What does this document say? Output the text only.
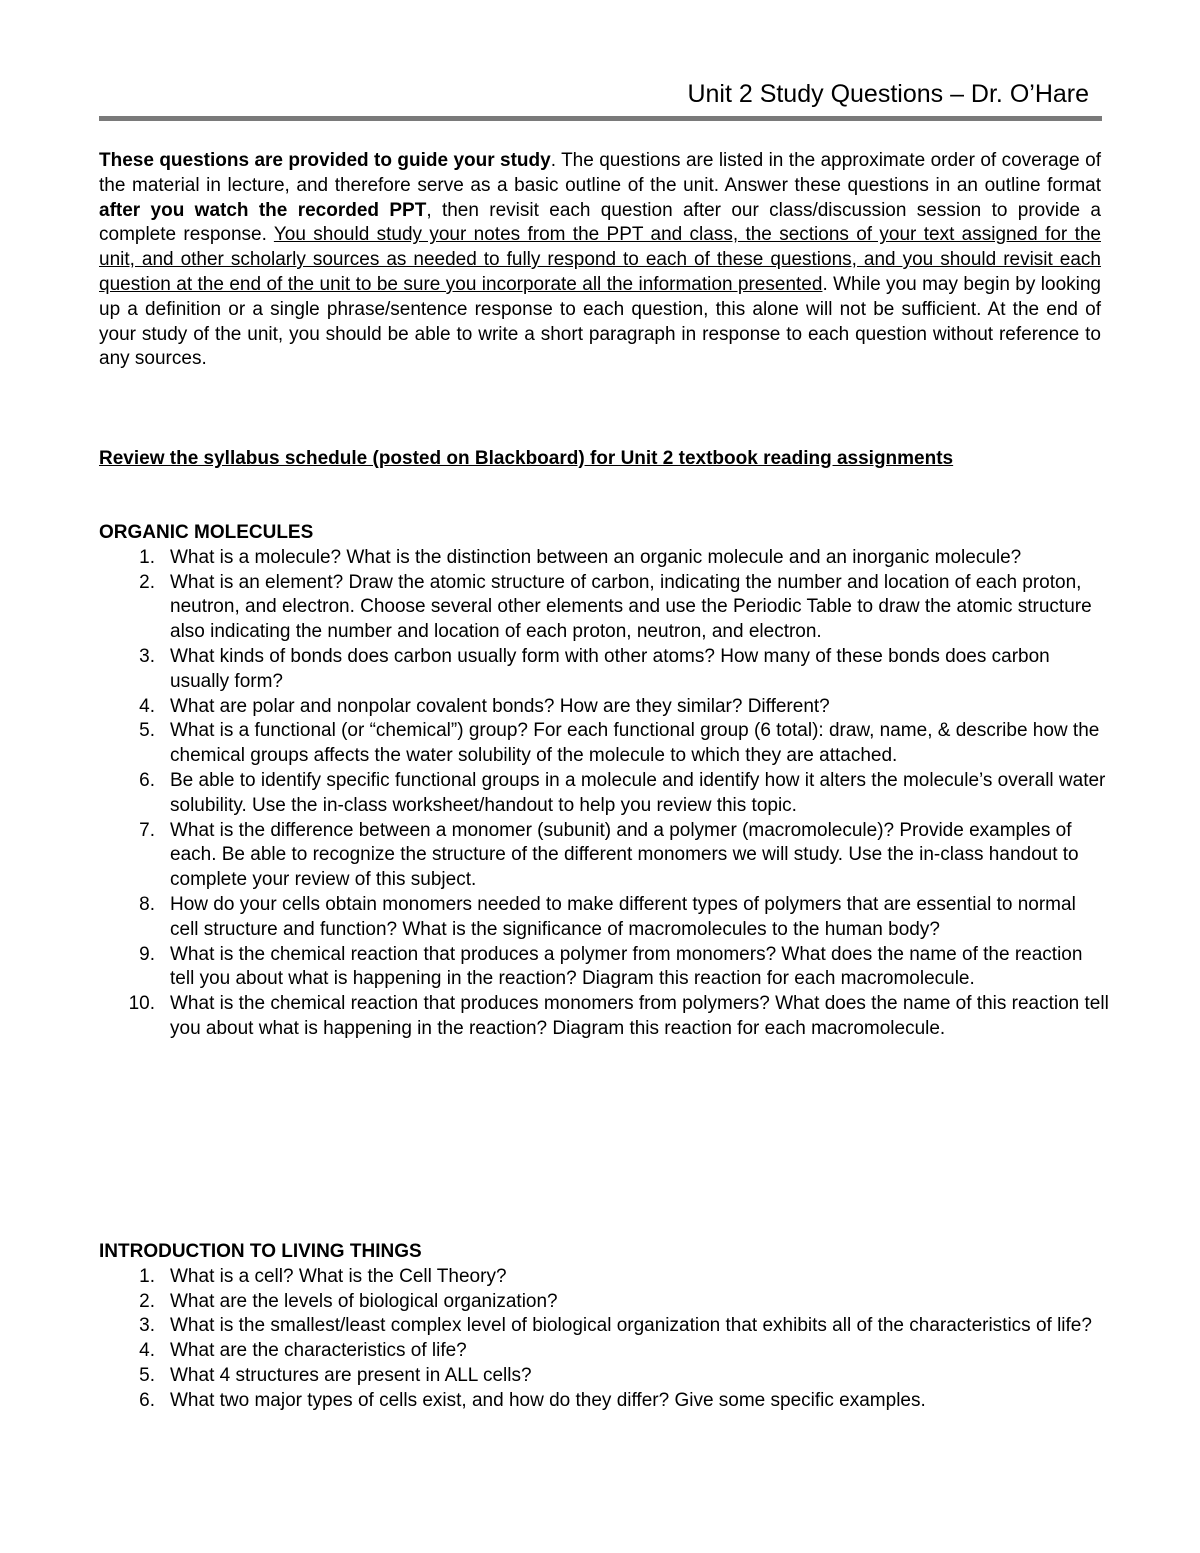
Unit 2 Study Questions – Dr. O’Hare

These questions are provided to guide your study. The questions are listed in the approximate order of coverage of the material in lecture, and therefore serve as a basic outline of the unit. Answer these questions in an outline format after you watch the recorded PPT, then revisit each question after our class/discussion session to provide a complete response. You should study your notes from the PPT and class, the sections of your text assigned for the unit, and other scholarly sources as needed to fully respond to each of these questions, and you should revisit each question at the end of the unit to be sure you incorporate all the information presented. While you may begin by looking up a definition or a single phrase/sentence response to each question, this alone will not be sufficient. At the end of your study of the unit, you should be able to write a short paragraph in response to each question without reference to any sources.

Review the syllabus schedule (posted on Blackboard) for Unit 2 textbook reading assignments
ORGANIC MOLECULES
1. What is a molecule? What is the distinction between an organic molecule and an inorganic molecule?
2. What is an element? Draw the atomic structure of carbon, indicating the number and location of each proton, neutron, and electron. Choose several other elements and use the Periodic Table to draw the atomic structure also indicating the number and location of each proton, neutron, and electron.
3. What kinds of bonds does carbon usually form with other atoms? How many of these bonds does carbon usually form?
4. What are polar and nonpolar covalent bonds? How are they similar? Different?
5. What is a functional (or “chemical”) group? For each functional group (6 total): draw, name, & describe how the chemical groups affects the water solubility of the molecule to which they are attached.
6. Be able to identify specific functional groups in a molecule and identify how it alters the molecule’s overall water solubility. Use the in-class worksheet/handout to help you review this topic.
7. What is the difference between a monomer (subunit) and a polymer (macromolecule)? Provide examples of each. Be able to recognize the structure of the different monomers we will study. Use the in-class handout to complete your review of this subject.
8. How do your cells obtain monomers needed to make different types of polymers that are essential to normal cell structure and function? What is the significance of macromolecules to the human body?
9. What is the chemical reaction that produces a polymer from monomers? What does the name of the reaction tell you about what is happening in the reaction? Diagram this reaction for each macromolecule.
10. What is the chemical reaction that produces monomers from polymers? What does the name of this reaction tell you about what is happening in the reaction? Diagram this reaction for each macromolecule.
INTRODUCTION TO LIVING THINGS
1. What is a cell? What is the Cell Theory?
2. What are the levels of biological organization?
3. What is the smallest/least complex level of biological organization that exhibits all of the characteristics of life?
4. What are the characteristics of life?
5. What 4 structures are present in ALL cells?
6. What two major types of cells exist, and how do they differ? Give some specific examples.
